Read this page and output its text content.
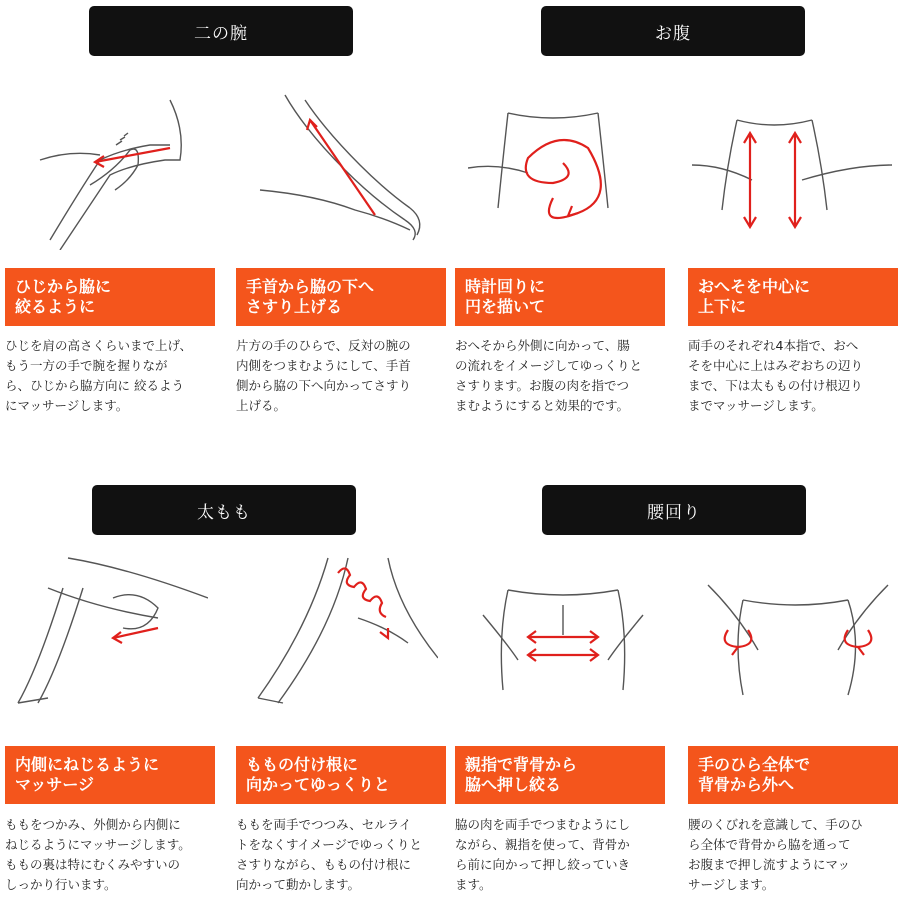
二の腕	お腹
太もも	腰回り
ひじから脇に
絞るように
手首から脇の下へ
さすり上げる
時計回りに
円を描いて
おへそを中心に
上下に
内側にねじるように
マッサージ
ももの付け根に
向かってゆっくりと
親指で背骨から
脇へ押し絞る
手のひら全体で
背骨から外へ
ひじを肩の高さくらいまで上げ、
もう一方の手で腕を握りなが
ら、ひじから脇方向に 絞るよう
にマッサージします。
片方の手のひらで、反対の腕の
内側をつまむようにして、手首
側から脇の下へ向かってさすり
上げる。
おへそから外側に向かって、腸
の流れをイメージしてゆっくりと
さすります。お腹の肉を指でつ
まむようにすると効果的です。
両手のそれぞれ4本指で、おへ
そを中心に上はみぞおちの辺り
まで、下は太ももの付け根辺り
までマッサージします。
ももをつかみ、外側から内側に
ねじるようにマッサージします。
ももの裏は特にむくみやすいの
しっかり行います。
ももを両手でつつみ、セルライ
トをなくすイメージでゆっくりと
さすりながら、ももの付け根に
向かって動かします。
脇の肉を両手でつまむようにし
ながら、親指を使って、背骨か
ら前に向かって押し絞っていき
ます。
腰のくびれを意識して、手のひ
ら全体で背骨から脇を通って
お腹まで押し流すようにマッ
サージします。
